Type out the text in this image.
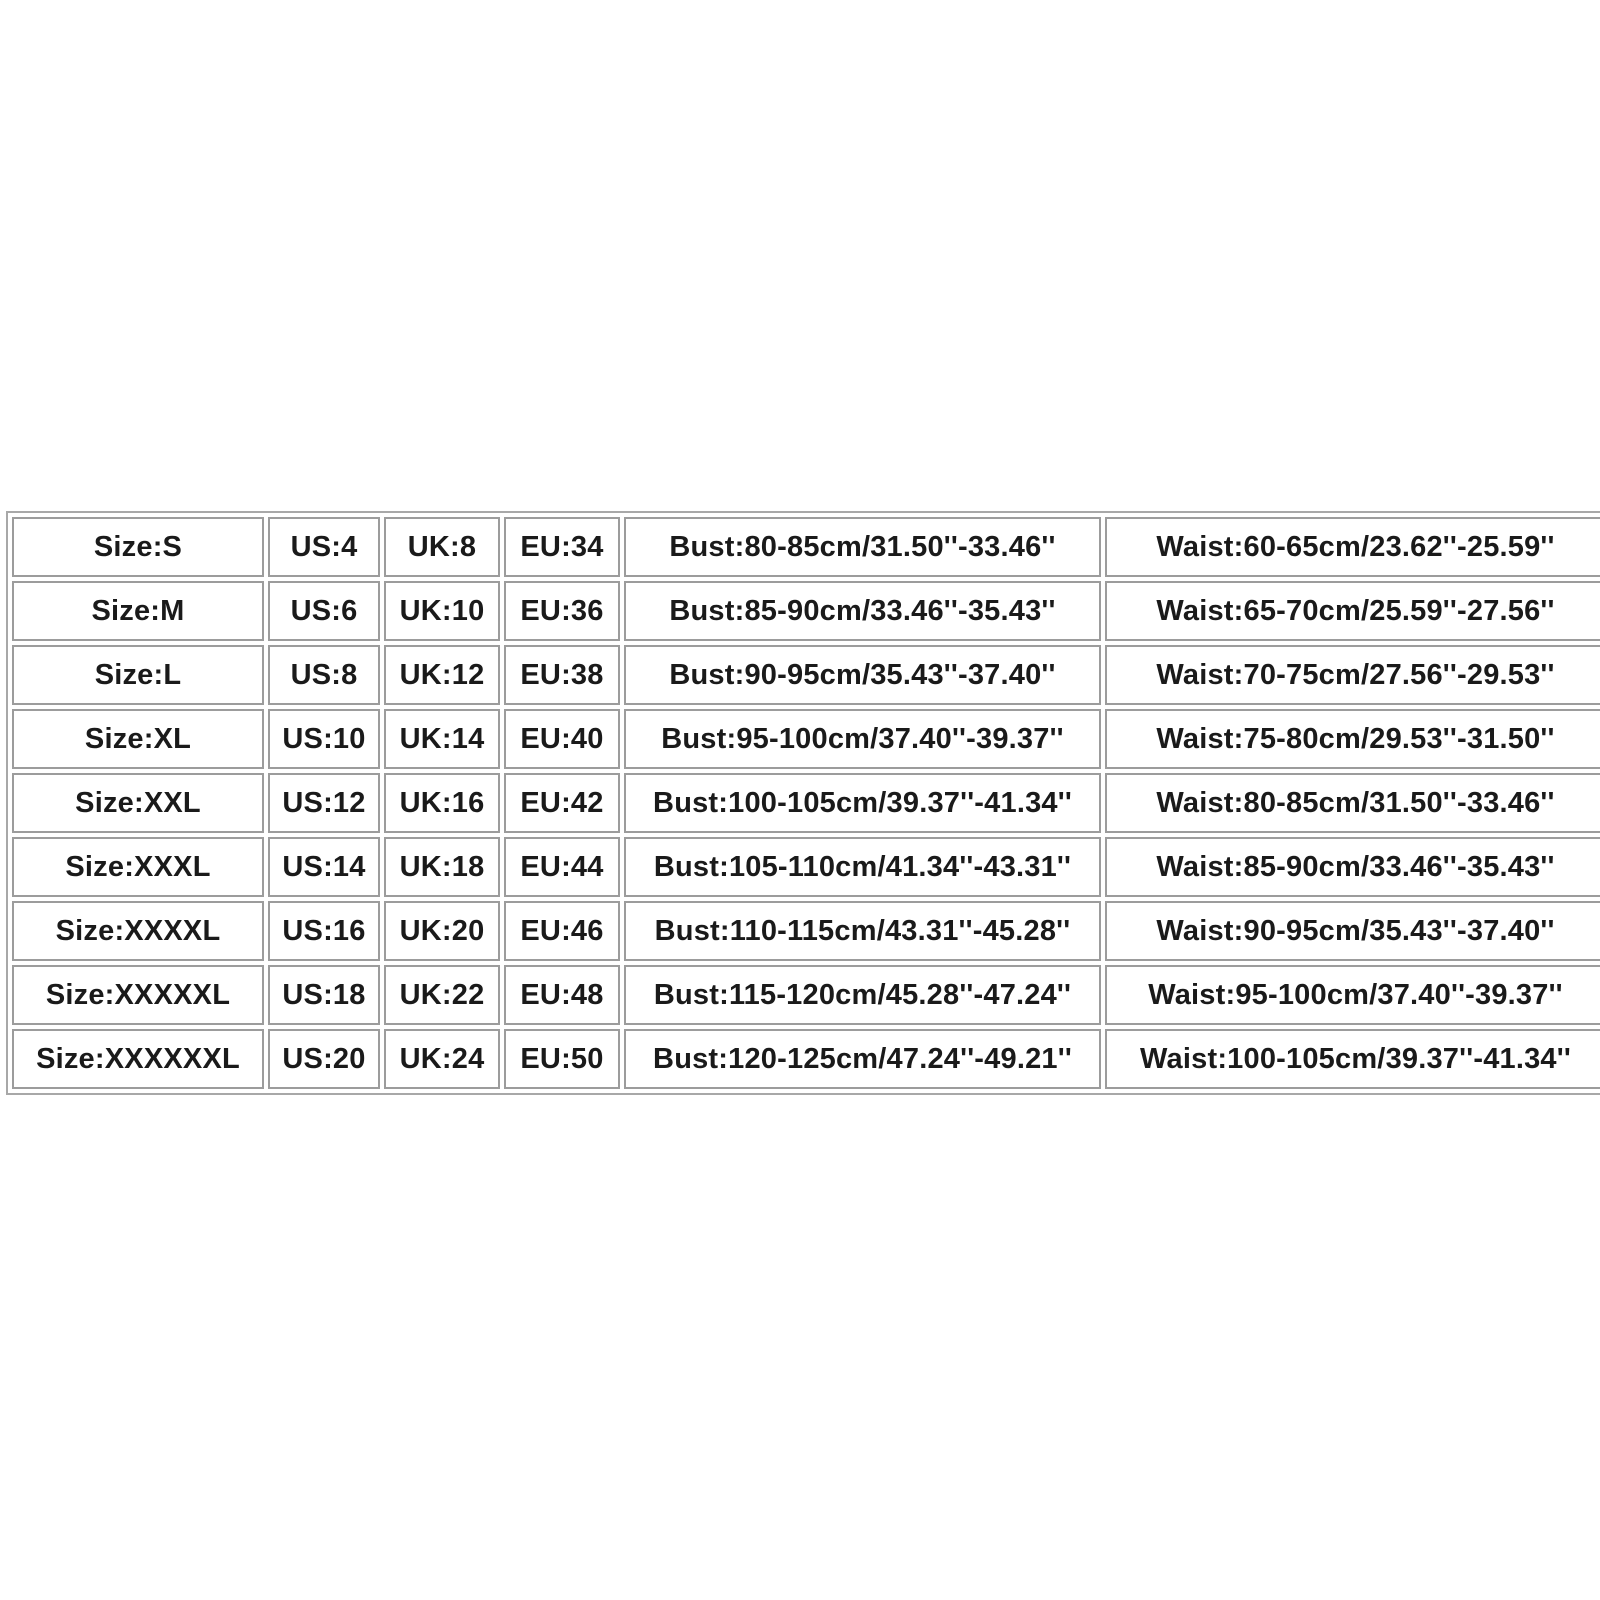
Size:S	US:4	UK:8	EU:34	Bust:80-85cm/31.50''-33.46''	Waist:60-65cm/23.62''-25.59''
Size:M	US:6	UK:10	EU:36	Bust:85-90cm/33.46''-35.43''	Waist:65-70cm/25.59''-27.56''
Size:L	US:8	UK:12	EU:38	Bust:90-95cm/35.43''-37.40''	Waist:70-75cm/27.56''-29.53''
Size:XL	US:10	UK:14	EU:40	Bust:95-100cm/37.40''-39.37''	Waist:75-80cm/29.53''-31.50''
Size:XXL	US:12	UK:16	EU:42	Bust:100-105cm/39.37''-41.34''	Waist:80-85cm/31.50''-33.46''
Size:XXXL	US:14	UK:18	EU:44	Bust:105-110cm/41.34''-43.31''	Waist:85-90cm/33.46''-35.43''
Size:XXXXL	US:16	UK:20	EU:46	Bust:110-115cm/43.31''-45.28''	Waist:90-95cm/35.43''-37.40''
Size:XXXXXL	US:18	UK:22	EU:48	Bust:115-120cm/45.28''-47.24''	Waist:95-100cm/37.40''-39.37''
Size:XXXXXXL	US:20	UK:24	EU:50	Bust:120-125cm/47.24''-49.21''	Waist:100-105cm/39.37''-41.34''
